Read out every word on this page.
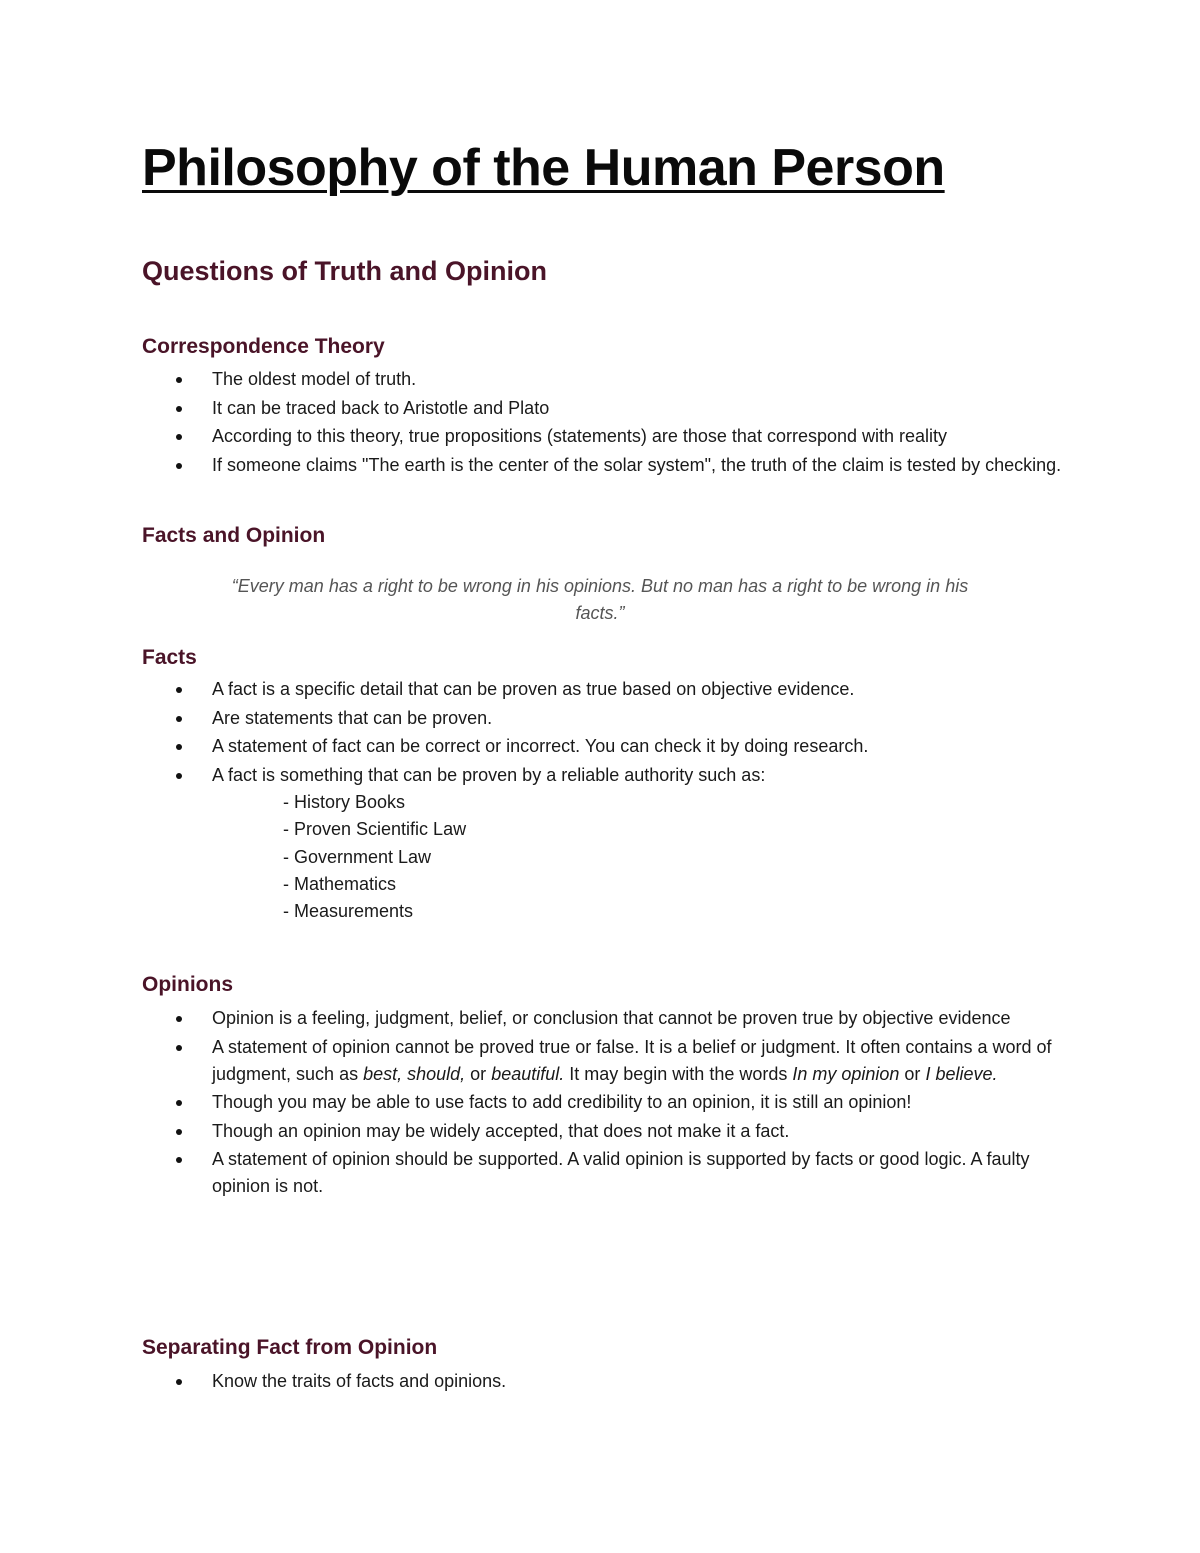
Philosophy of the Human Person
Questions of Truth and Opinion
Correspondence Theory
The oldest model of truth.
It can be traced back to Aristotle and Plato
According to this theory, true propositions (statements) are those that correspond with reality
If someone claims "The earth is the center of the solar system", the truth of the claim is tested by checking.
Facts and Opinion

“Every man has a right to be wrong in his opinions. But no man has a right to be wrong in his facts.”

Facts
A fact is a specific detail that can be proven as true based on objective evidence.
Are statements that can be proven.
A statement of fact can be correct or incorrect. You can check it by doing research.
A fact is something that can be proven by a reliable authority such as:
- History Books
- Proven Scientific Law
- Government Law
- Mathematics
- Measurements
Opinions
Opinion is a feeling, judgment, belief, or conclusion that cannot be proven true by objective evidence
A statement of opinion cannot be proved true or false. It is a belief or judgment. It often contains a word of judgment, such as best, should, or beautiful. It may begin with the words In my opinion or I believe.
Though you may be able to use facts to add credibility to an opinion, it is still an opinion!
Though an opinion may be widely accepted, that does not make it a fact.
A statement of opinion should be supported. A valid opinion is supported by facts or good logic. A faulty opinion is not.
Separating Fact from Opinion
Know the traits of facts and opinions.
